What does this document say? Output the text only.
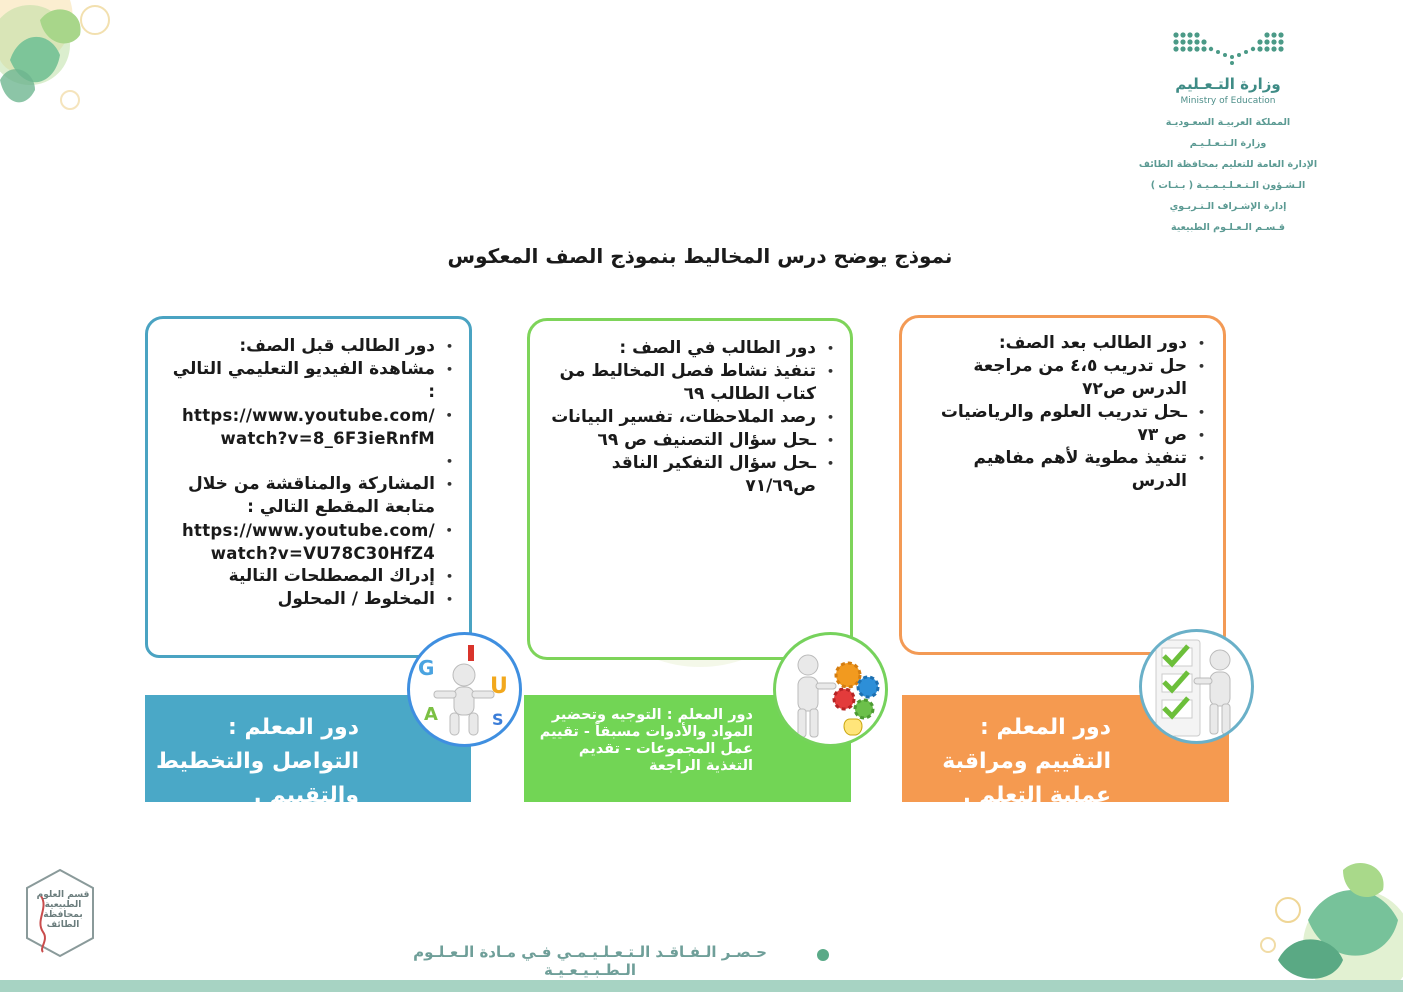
وزارة التـعـليم
Ministry of Education
المملكة العربيـة السعـوديـة
وزارة الـتـعـلـيـم
الإدارة العامة للتعليم بمحافظة الطائف
الـشـؤون الـتـعـلـيـمـيـة ( بـنـات )
إدارة الإشـراف الـتـربـوي
قـسـم الـعـلـوم الطبيعية
نموذج يوضح درس المخاليط بنموذج الصف المعكوس
• دور الطالب قبل الصف:
• مشاهدة الفيديو التعليمي التالي :
• https://www.youtube.com/ watch?v=8_6F3ieRnfM
•
• المشاركة والمناقشة من خلال متابعة المقطع التالي :
• https://www.youtube.com/ watch?v=VU78C30HfZ4
• إدراك المصطلحات التالية
• المخلوط / المحلول
• دور الطالب في الصف :
• تنفيذ نشاط فصل المخاليط من كتاب الطالب ٦٩
• رصد الملاحظات، تفسير البيانات
• ـحل سؤال التصنيف ص ٦٩
• ـحل سؤال التفكير الناقد ص٧١/٦٩
• دور الطالب بعد الصف:
• حل تدريب ٤،٥ من مراجعة الدرس ص٧٢
• ـحل تدريب العلوم والرياضيات
• ص ٧٣
• تنفيذ مطوية لأهم مفاهيم الدرس
دور المعلم : التواصل والتخطيط والتقييم .
دور المعلم : التوجيه وتحضير المواد والأدوات مسبقاً - تقييم عمل المجموعات - تقديم التغذية الراجعة
دور المعلم : التقييم ومراقبة عملية التعلم .
G
U
A	S
قسم العلوم الطبيعية بمحافظة الطائف
حـصـر الـفـاقـد الـتـعـلـيـمـي فـي مـادة الـعـلـوم الـطـبـيـعـيـة
